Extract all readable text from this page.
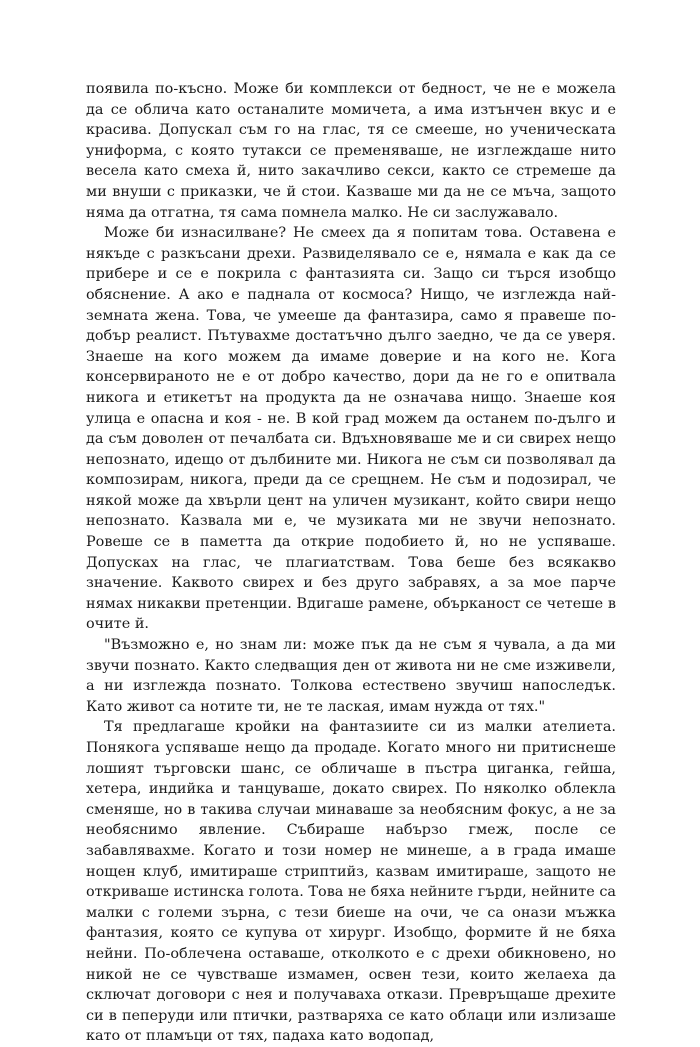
появила по-късно. Може би комплекси от бедност, че не е можела да се облича като останалите момичета, а има изтънчен вкус и е красива. Допускал съм го на глас, тя се смееше, но ученическата униформа, с която тутакси се пременяваше, не изглеждаше нито весела като смеха й, нито закачливо секси, както се стремеше да ми внуши с приказки, че й стои. Казваше ми да не се мъча, защото няма да отгатна, тя сама помнела малко. Не си заслужавало.

Може би изнасилване? Не смеех да я попитам това. Оставена е някъде с разкъсани дрехи. Развиделявало се е, нямала е как да се прибере и се е покрила с фантазията си. Защо си търся изобщо обяснение. А ако е паднала от космоса? Нищо, че изглежда най-земната жена. Това, че умееше да фантазира, само я правеше по-добър реалист. Пътувахме достатъчно дълго заедно, че да се уверя. Знаеше на кого можем да имаме доверие и на кого не. Кога консервираното не е от добро качество, дори да не го е опитвала никога и етикетът на продукта да не означава нищо. Знаеше коя улица е опасна и коя - не. В кой град можем да останем по-дълго и да съм доволен от печалбата си. Вдъхновяваше ме и си свирех нещо непознато, идещо от дълбините ми. Никога не съм си позволявал да композирам, никога, преди да се срещнем. Не съм и подозирал, че някой може да хвърли цент на уличен музикант, който свири нещо непознато. Казвала ми е, че музиката ми не звучи непознато. Ровеше се в паметта да открие подобието й, но не успяваше. Допусках на глас, че плагиатствам. Това беше без всякакво значение. Каквото свирех и без друго забравях, а за мое парче нямах никакви претенции. Вдигаше рамене, обърканост се четеше в очите й.

"Възможно е, но знам ли: може пък да не съм я чувала, а да ми звучи познато. Както следващия ден от живота ни не сме изживели, а ни изглежда познато. Толкова естествено звучиш напоследък. Като живот са нотите ти, не те лаская, имам нужда от тях."

Тя предлагаше кройки на фантазиите си из малки ателиета. Понякога успяваше нещо да продаде. Когато много ни притиснеше лошият търговски шанс, се обличаше в пъстра циганка, гейша, хетера, индийка и танцуваше, докато свирех. По няколко облекла сменяше, но в такива случаи минаваше за необясним фокус, а не за необяснимо явление. Събираше набързо гмеж, после се забавлявахме. Когато и този номер не минеше, а в града имаше нощен клуб, имитираше стриптийз, казвам имитираше, защото не откриваше истинска голота. Това не бяха нейните гърди, нейните са малки с големи зърна, с тези биеше на очи, че са онази мъжка фантазия, която се купува от хирург. Изобщо, формите й не бяха нейни. По-облечена оставаше, отколкото е с дрехи обикновено, но никой не се чувстваше измамен, освен тези, които желаеха да сключат договори с нея и получаваха откази. Превръщаше дрехите си в пеперуди или птички, разтваряха се като облаци или излизаше като от пламъци от тях, падаха като водопад,
